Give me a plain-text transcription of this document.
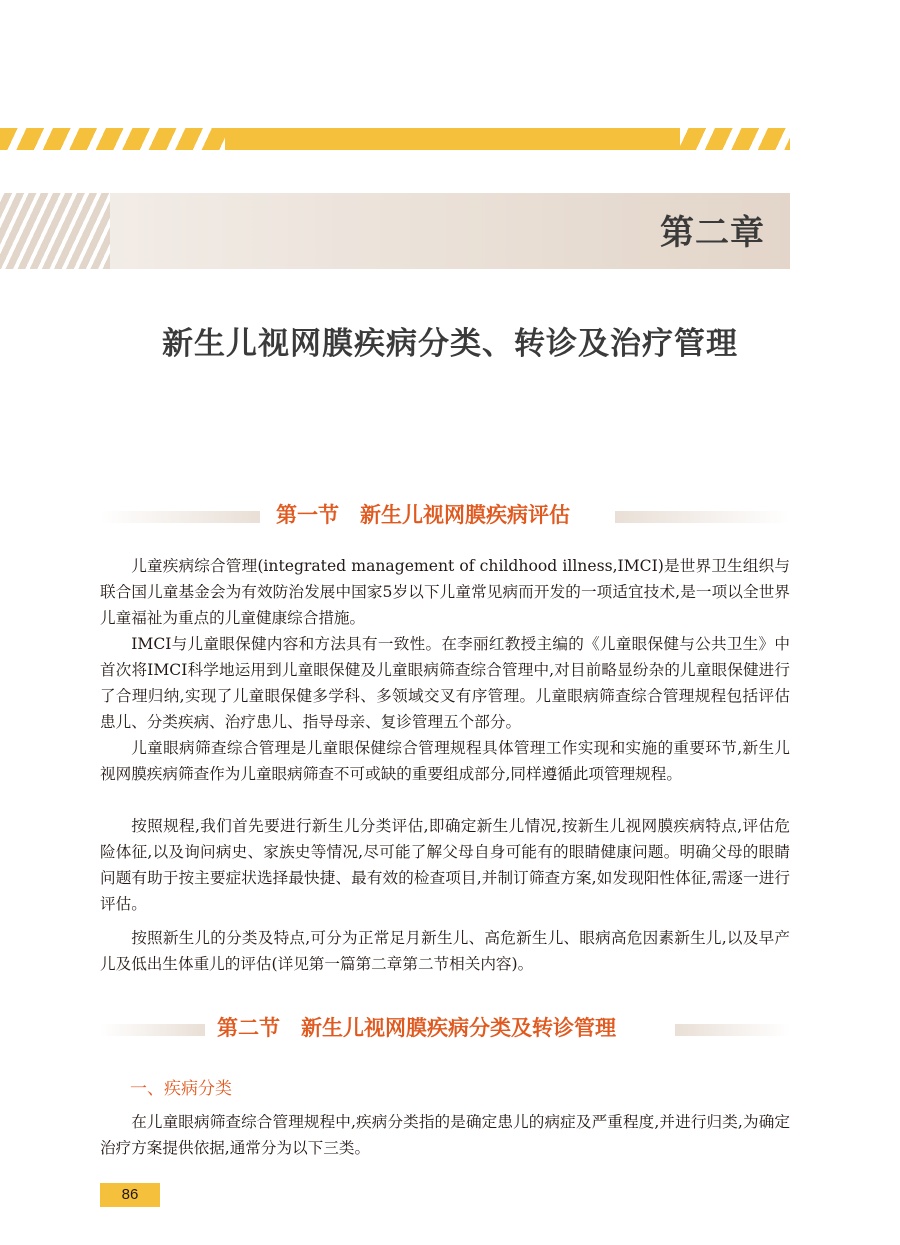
第二章
新生儿视网膜疾病分类、转诊及治疗管理
第一节　新生儿视网膜疾病评估

儿童疾病综合管理(integrated management of childhood illness,IMCI)是世界卫生组织与联合国儿童基金会为有效防治发展中国家5岁以下儿童常见病而开发的一项适宜技术,是一项以全世界儿童福祉为重点的儿童健康综合措施。

IMCI与儿童眼保健内容和方法具有一致性。在李丽红教授主编的《儿童眼保健与公共卫生》中首次将IMCI科学地运用到儿童眼保健及儿童眼病筛查综合管理中,对目前略显纷杂的儿童眼保健进行了合理归纳,实现了儿童眼保健多学科、多领域交叉有序管理。儿童眼病筛查综合管理规程包括评估患儿、分类疾病、治疗患儿、指导母亲、复诊管理五个部分。

儿童眼病筛查综合管理是儿童眼保健综合管理规程具体管理工作实现和实施的重要环节,新生儿视网膜疾病筛查作为儿童眼病筛查不可或缺的重要组成部分,同样遵循此项管理规程。

按照规程,我们首先要进行新生儿分类评估,即确定新生儿情况,按新生儿视网膜疾病特点,评估危险体征,以及询问病史、家族史等情况,尽可能了解父母自身可能有的眼睛健康问题。明确父母的眼睛问题有助于按主要症状选择最快捷、最有效的检查项目,并制订筛查方案,如发现阳性体征,需逐一进行评估。

按照新生儿的分类及特点,可分为正常足月新生儿、高危新生儿、眼病高危因素新生儿,以及早产儿及低出生体重儿的评估(详见第一篇第二章第二节相关内容)。

第二节　新生儿视网膜疾病分类及转诊管理
一、疾病分类

在儿童眼病筛查综合管理规程中,疾病分类指的是确定患儿的病症及严重程度,并进行归类,为确定治疗方案提供依据,通常分为以下三类。

86
